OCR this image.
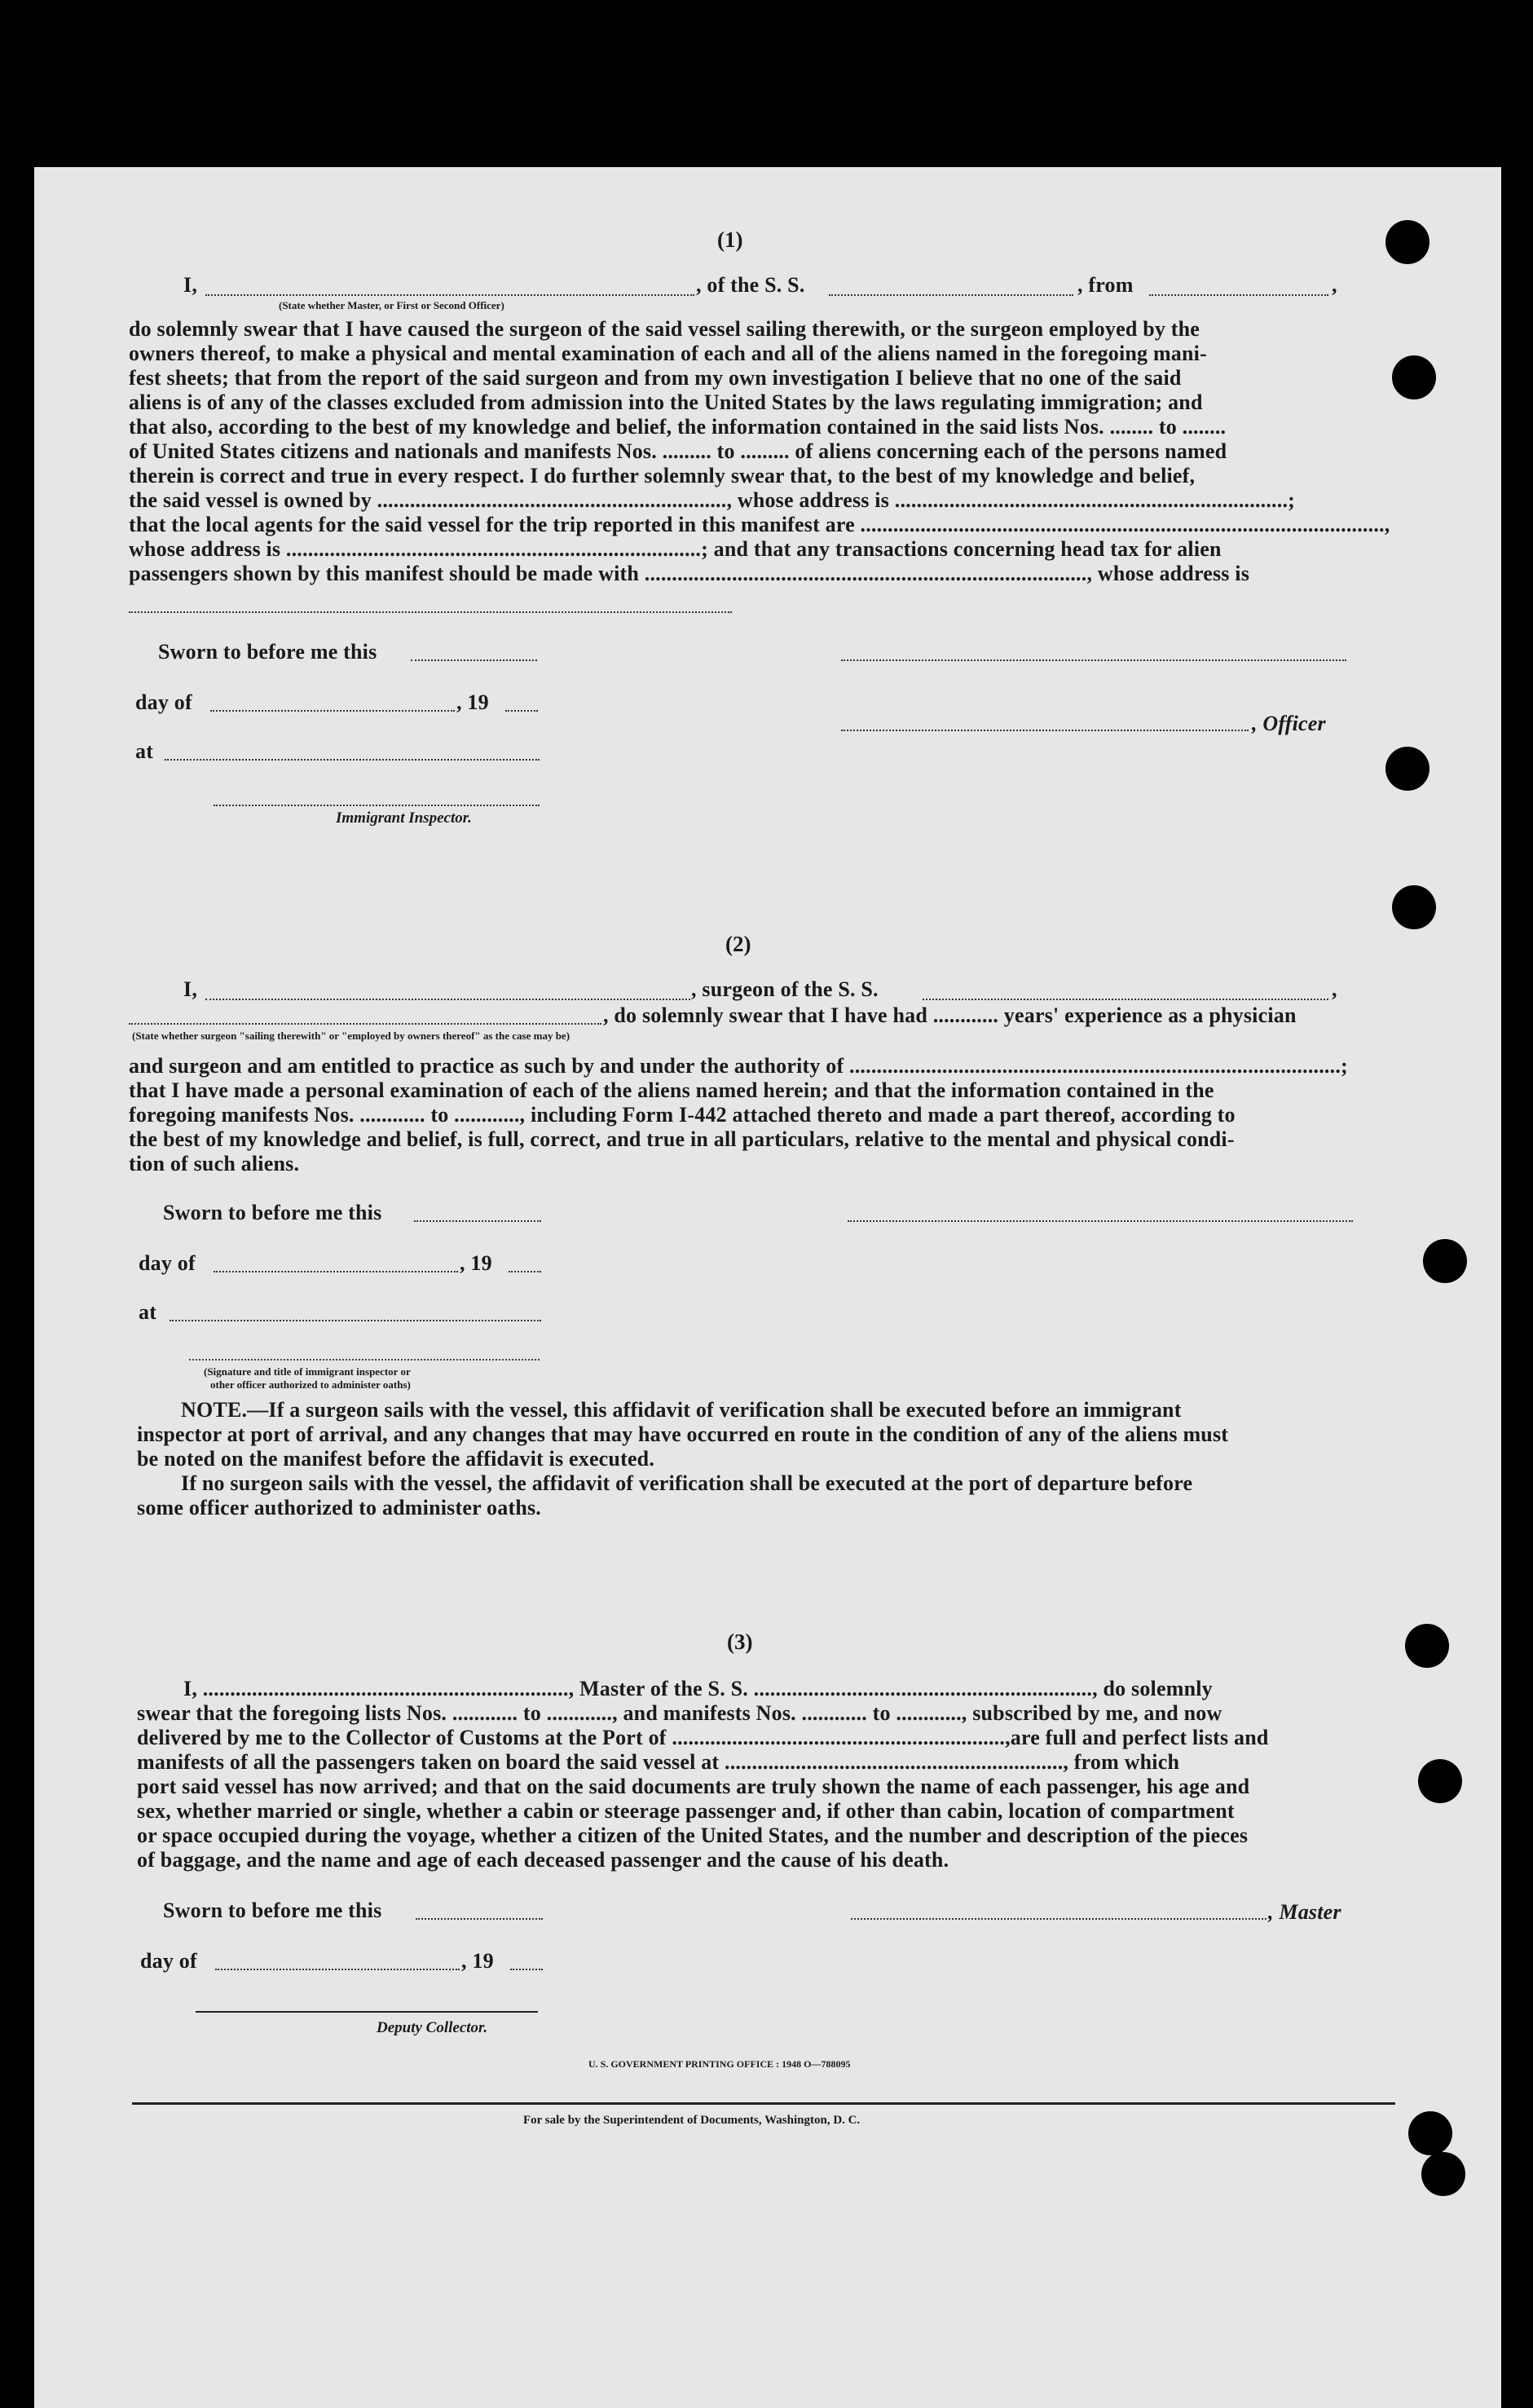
(1)
I,	, of the S. S.	, from	,
(State whether Master, or First or Second Officer)
do solemnly swear that I have caused the surgeon of the said vessel sailing therewith, or the surgeon employed by the
owners thereof, to make a physical and mental examination of each and all of the aliens named in the foregoing mani-
fest sheets; that from the report of the said surgeon and from my own investigation I believe that no one of the said
aliens is of any of the classes excluded from admission into the United States by the laws regulating immigration; and
that also, according to the best of my knowledge and belief, the information contained in the said lists Nos. ........ to ........
of United States citizens and nationals and manifests Nos. ......... to ......... of aliens concerning each of the persons named
therein is correct and true in every respect. I do further solemnly swear that, to the best of my knowledge and belief,
the said vessel is owned by ................................................................, whose address is ........................................................................;
that the local agents for the said vessel for the trip reported in this manifest are ................................................................................................,
whose address is ............................................................................; and that any transactions concerning head tax for alien
passengers shown by this manifest should be made with ................................................................................., whose address is
Sworn to before me this
day of	, 19
, Officer
at
Immigrant Inspector.
(2)
I,	, surgeon of the S. S.	,
, do solemnly swear that I have had ............ years' experience as a physician
(State whether surgeon "sailing therewith" or "employed by owners thereof" as the case may be)
and surgeon and am entitled to practice as such by and under the authority of ..........................................................................................;
that I have made a personal examination of each of the aliens named herein; and that the information contained in the
foregoing manifests Nos. ............ to ............, including Form I-442 attached thereto and made a part thereof, according to
the best of my knowledge and belief, is full, correct, and true in all particulars, relative to the mental and physical condi-
tion of such aliens.
Sworn to before me this
day of	, 19
at
(Signature and title of immigrant inspector or
other officer authorized to administer oaths)
NOTE.—If a surgeon sails with the vessel, this affidavit of verification shall be executed before an immigrant
inspector at port of arrival, and any changes that may have occurred en route in the condition of any of the aliens must
be noted on the manifest before the affidavit is executed.
If no surgeon sails with the vessel, the affidavit of verification shall be executed at the port of departure before
some officer authorized to administer oaths.
(3)
I, ..................................................................., Master of the S. S. .............................................................., do solemnly
swear that the foregoing lists Nos. ............ to ............, and manifests Nos. ............ to ............, subscribed by me, and now
delivered by me to the Collector of Customs at the Port of .............................................................,are full and perfect lists and
manifests of all the passengers taken on board the said vessel at .............................................................., from which
port said vessel has now arrived; and that on the said documents are truly shown the name of each passenger, his age and
sex, whether married or single, whether a cabin or steerage passenger and, if other than cabin, location of compartment
or space occupied during the voyage, whether a citizen of the United States, and the number and description of the pieces
of baggage, and the name and age of each deceased passenger and the cause of his death.
Sworn to before me this	, Master
day of	, 19
Deputy Collector.
U. S. GOVERNMENT PRINTING OFFICE : 1948 O—788095
For sale by the Superintendent of Documents, Washington, D. C.
